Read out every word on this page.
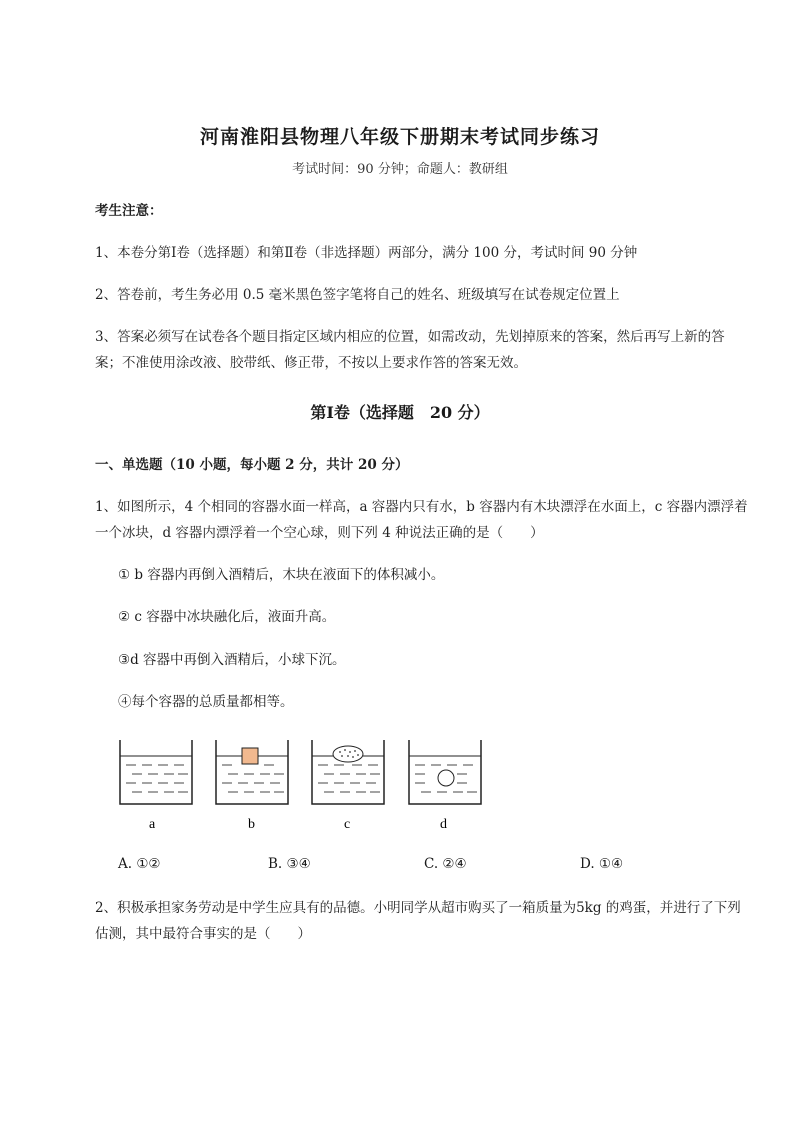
河南淮阳县物理八年级下册期末考试同步练习
考试时间：90 分钟；命题人：教研组
考生注意：
1、本卷分第Ⅰ卷（选择题）和第Ⅱ卷（非选择题）两部分，满分 100 分，考试时间 90 分钟
2、答卷前，考生务必用 0.5 毫米黑色签字笔将自己的姓名、班级填写在试卷规定位置上
3、答案必须写在试卷各个题目指定区域内相应的位置，如需改动，先划掉原来的答案，然后再写上新的答案；不准使用涂改液、胶带纸、修正带，不按以上要求作答的答案无效。
第Ⅰ卷（选择题　20 分）
一、单选题（10 小题，每小题 2 分，共计 20 分）
1、如图所示，4 个相同的容器水面一样高，a 容器内只有水，b 容器内有木块漂浮在水面上，c 容器内漂浮着一个冰块，d 容器内漂浮着一个空心球，则下列 4 种说法正确的是（　　）
① b 容器内再倒入酒精后，木块在液面下的体积减小。
② c 容器中冰块融化后，液面升高。
③d 容器中再倒入酒精后，小球下沉。
④每个容器的总质量都相等。
a	b	c	d
A. ①②	B. ③④	C. ②④	D. ①④
2、积极承担家务劳动是中学生应具有的品德。小明同学从超市购买了一箱质量为5kg 的鸡蛋，并进行了下列估测，其中最符合事实的是（　　）
